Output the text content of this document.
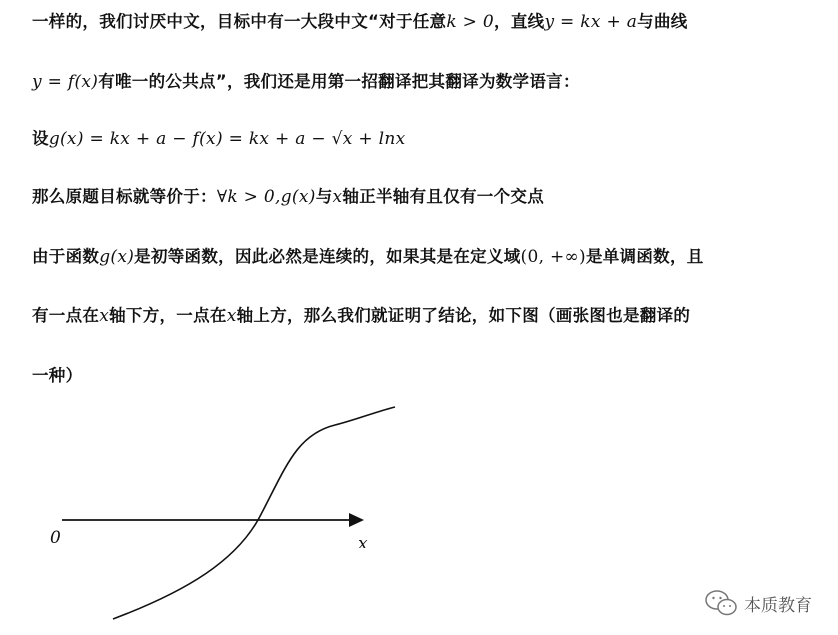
一样的，我们讨厌中文，目标中有一大段中文“对于任意k > 0，直线y = kx + a与曲线
y = f(x)有唯一的公共点”，我们还是用第一招翻译把其翻译为数学语言：
设g(x) = kx + a − f(x) = kx + a − √x + lnx
那么原题目标就等价于：∀k > 0,g(x)与x轴正半轴有且仅有一个交点
由于函数g(x)是初等函数，因此必然是连续的，如果其是在定义域(0, +∞)是单调函数，且
有一点在x轴下方，一点在x轴上方，那么我们就证明了结论，如下图（画张图也是翻译的
一种）
0	x
本质教育
